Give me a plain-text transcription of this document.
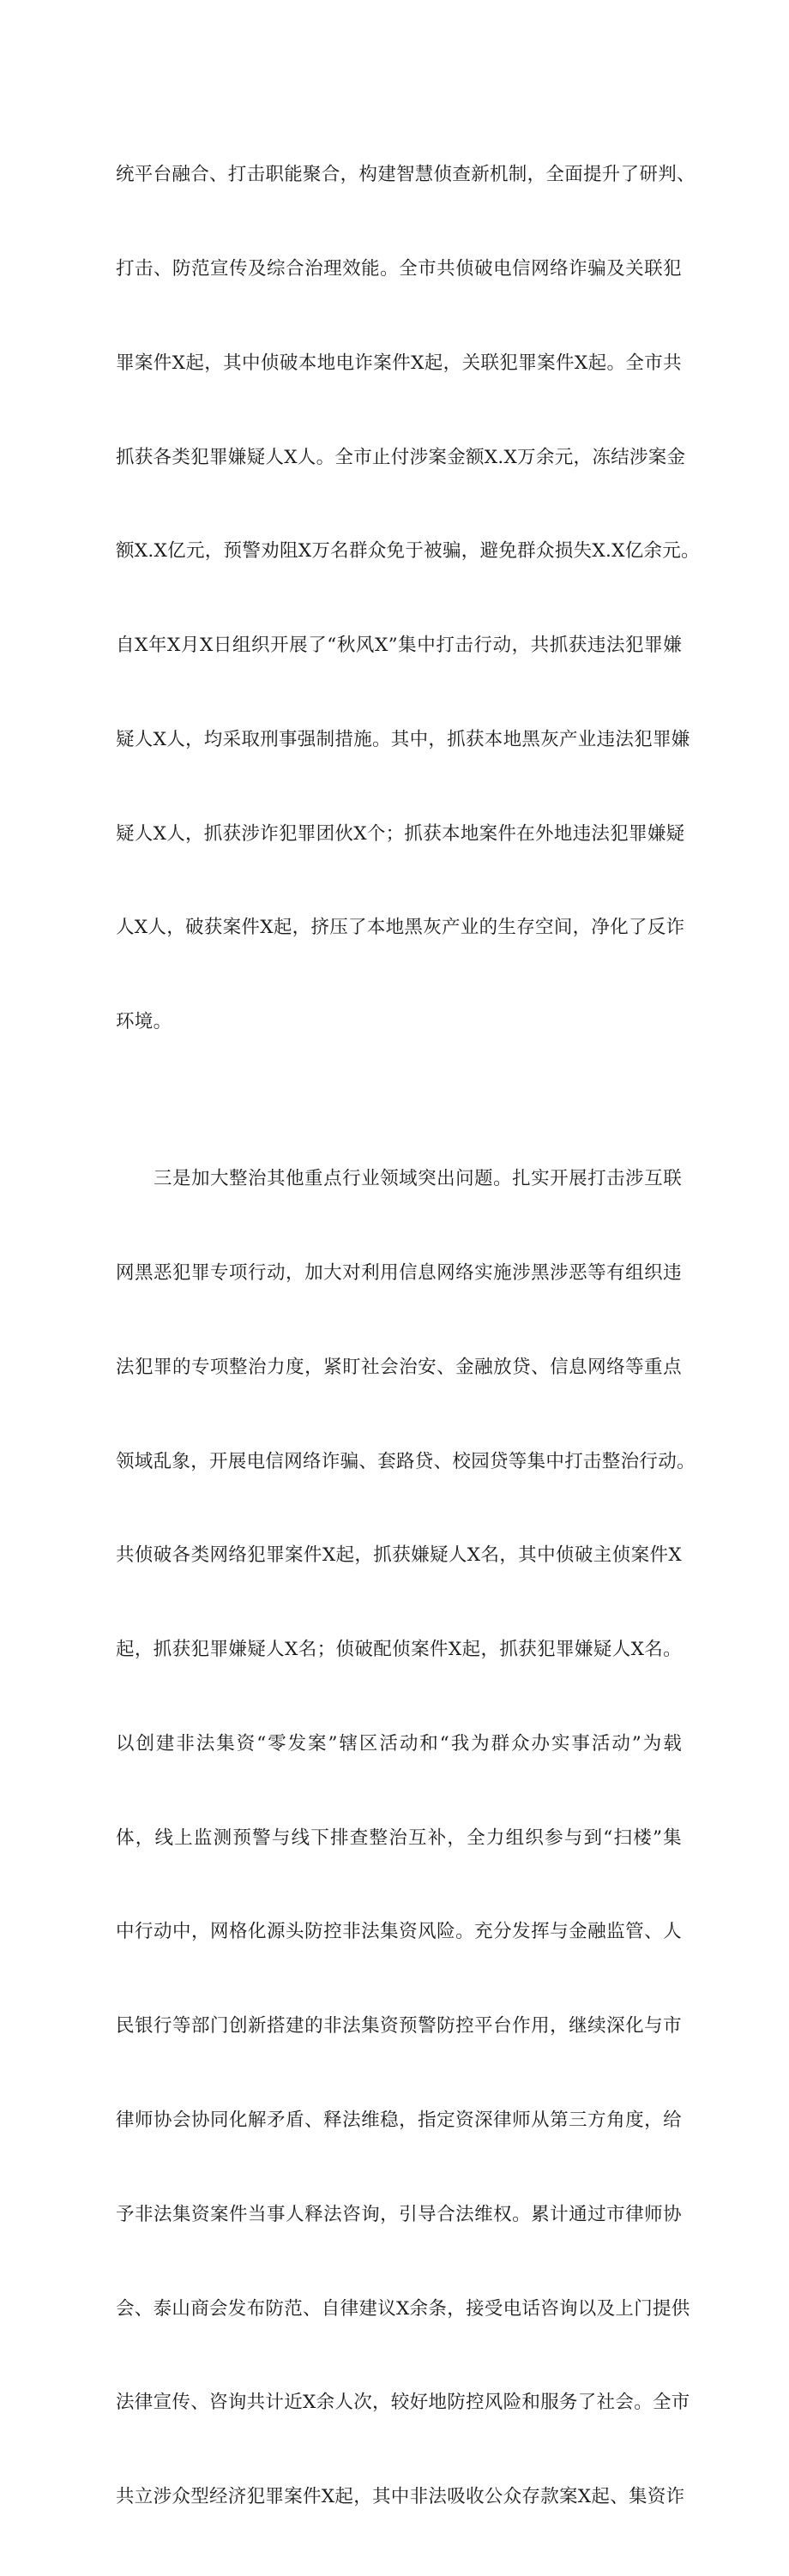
统平台融合、打击职能聚合，构建智慧侦查新机制，全面提升了研判、

打击、防范宣传及综合治理效能。全市共侦破电信网络诈骗及关联犯

罪案件X起，其中侦破本地电诈案件X起，关联犯罪案件X起。全市共

抓获各类犯罪嫌疑人X人。全市止付涉案金额X.X万余元，冻结涉案金

额X.X亿元，预警劝阻X万名群众免于被骗，避免群众损失X.X亿余元。

自X年X月X日组织开展了“秋风X”集中打击行动，共抓获违法犯罪嫌

疑人X人，均采取刑事强制措施。其中，抓获本地黑灰产业违法犯罪嫌

疑人X人，抓获涉诈犯罪团伙X个；抓获本地案件在外地违法犯罪嫌疑

人X人，破获案件X起，挤压了本地黑灰产业的生存空间，净化了反诈

环境。

三是加大整治其他重点行业领域突出问题。扎实开展打击涉互联

网黑恶犯罪专项行动，加大对利用信息网络实施涉黑涉恶等有组织违

法犯罪的专项整治力度，紧盯社会治安、金融放贷、信息网络等重点

领域乱象，开展电信网络诈骗、套路贷、校园贷等集中打击整治行动。

共侦破各类网络犯罪案件X起，抓获嫌疑人X名，其中侦破主侦案件X

起，抓获犯罪嫌疑人X名；侦破配侦案件X起，抓获犯罪嫌疑人X名。

以创建非法集资“零发案”辖区活动和“我为群众办实事活动”为载

体，线上监测预警与线下排查整治互补，全力组织参与到“扫楼”集

中行动中，网格化源头防控非法集资风险。充分发挥与金融监管、人

民银行等部门创新搭建的非法集资预警防控平台作用，继续深化与市

律师协会协同化解矛盾、释法维稳，指定资深律师从第三方角度，给

予非法集资案件当事人释法咨询，引导合法维权。累计通过市律师协

会、泰山商会发布防范、自律建议X余条，接受电话咨询以及上门提供

法律宣传、咨询共计近X余人次，较好地防控风险和服务了社会。全市

共立涉众型经济犯罪案件X起，其中非法吸收公众存款案X起、集资诈
